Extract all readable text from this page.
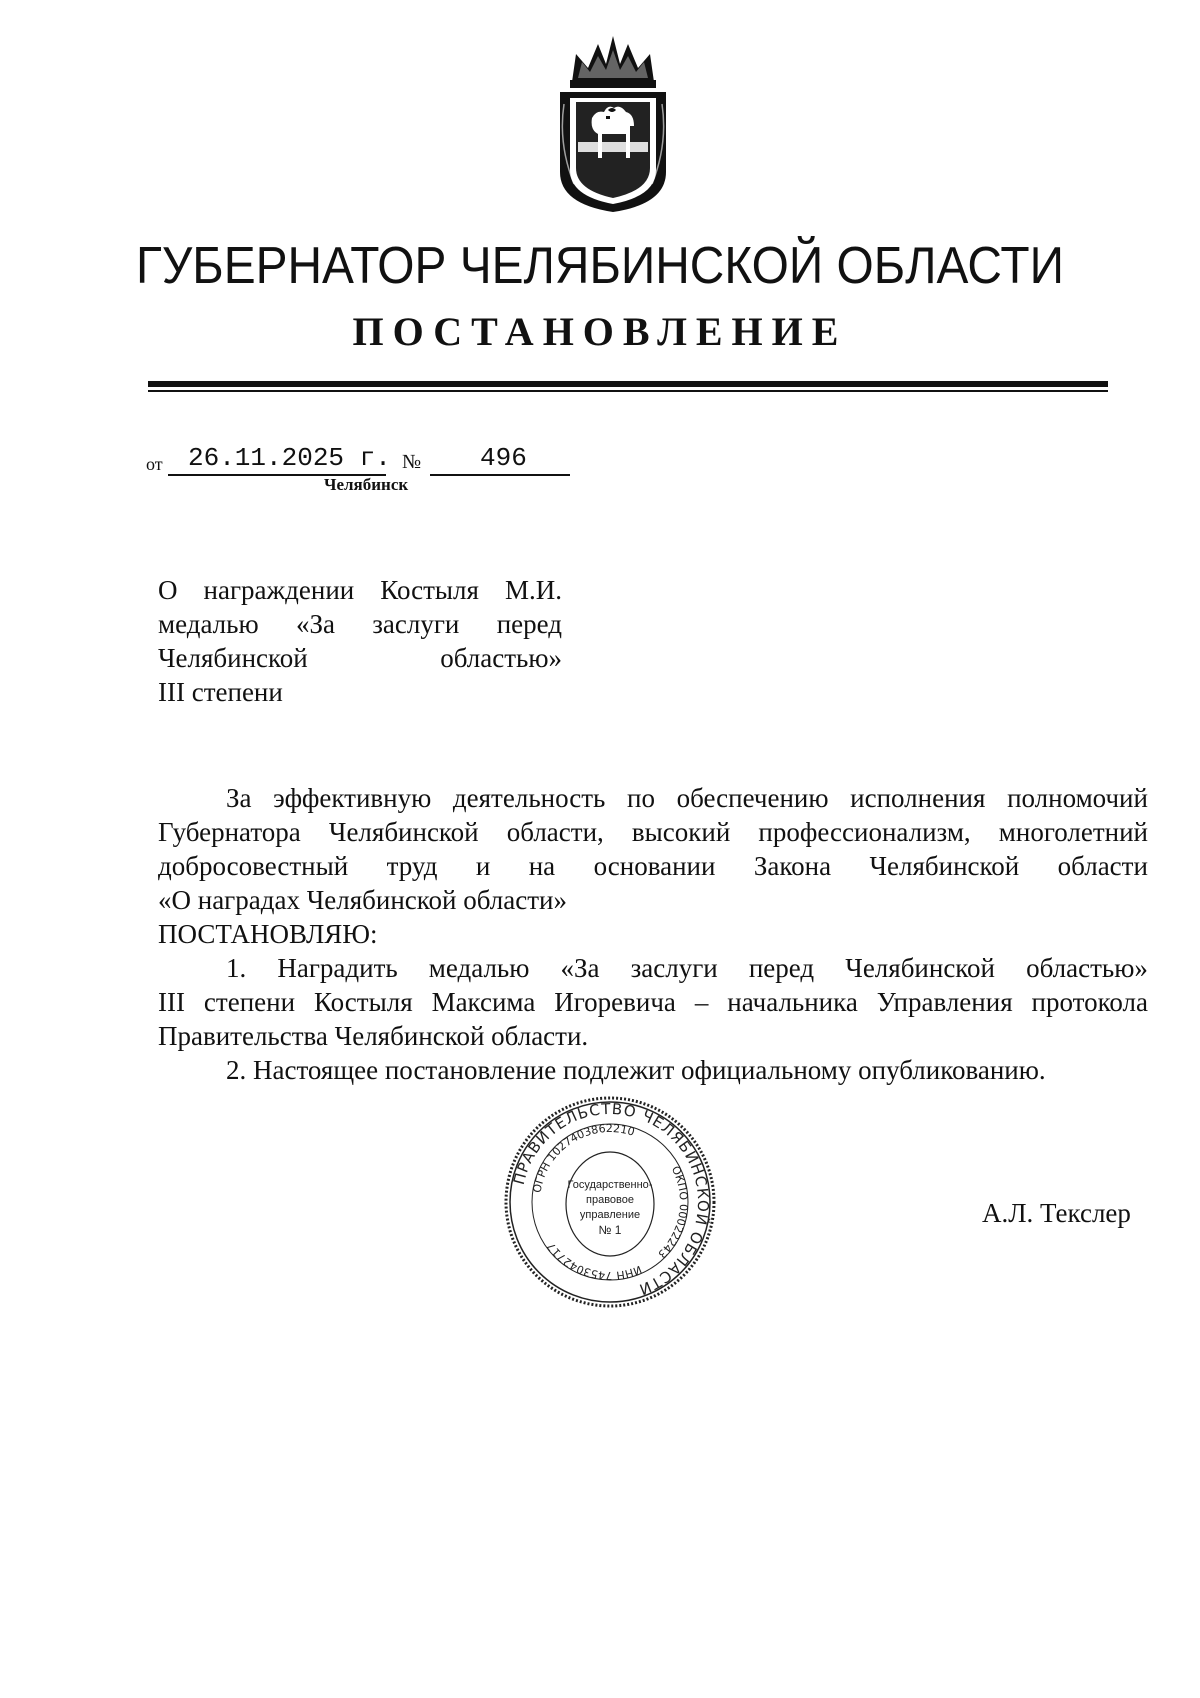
ГУБЕРНАТОР ЧЕЛЯБИНСКОЙ ОБЛАСТИ
ПОСТАНОВЛЕНИЕ
от 26.11.2025 г. № 496
Челябинск
О награждении Костыля М.И.
медалью «За заслуги перед
Челябинской	областью»
III степени
За эффективную деятельность по обеспечению исполнения полномочий
Губернатора Челябинской области, высокий профессионализм, многолетний
добросовестный труд и на основании Закона Челябинской области
«О наградах Челябинской области»
ПОСТАНОВЛЯЮ:
1. Наградить медалью «За заслуги перед Челябинской областью»
III степени Костыля Максима Игоревича – начальника Управления протокола
Правительства Челябинской области.
2. Настоящее постановление подлежит официальному опубликованию.
ПРАВИТЕЛЬСТВО ЧЕЛЯБИНСКОЙ ОБЛАСТИ
ОГРН 1027403862210
ОКПО 00022243
ИНН 7453042717
Государственно-
правовое
управление
№ 1
А.Л. Текслер
